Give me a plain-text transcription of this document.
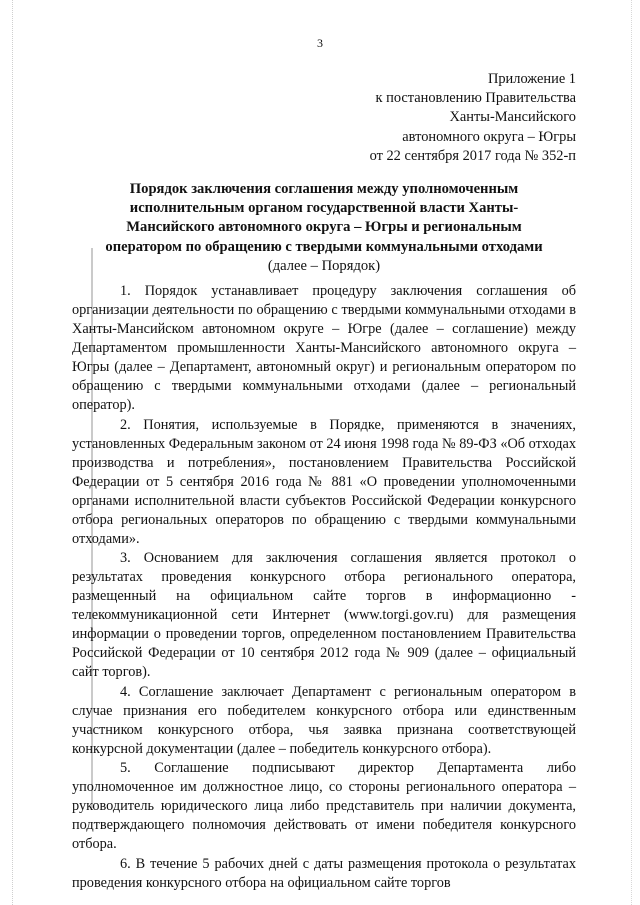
3
Приложение 1
к постановлению Правительства
Ханты-Мансийского
автономного округа – Югры
от 22 сентября 2017 года № 352-п
Порядок заключения соглашения между уполномоченным
исполнительным органом государственной власти Ханты-
Мансийского автономного округа – Югры и региональным
оператором по обращению с твердыми коммунальными отходами
(далее – Порядок)

1. Порядок устанавливает процедуру заключения соглашения об организации деятельности по обращению с твердыми коммунальными отходами в Ханты-Мансийском автономном округе – Югре (далее – соглашение) между Департаментом промышленности Ханты-Мансийского автономного округа – Югры (далее – Департамент, автономный округ) и региональным оператором по обращению с твердыми коммунальными отходами (далее – региональный оператор).

2. Понятия, используемые в Порядке, применяются в значениях, установленных Федеральным законом от 24 июня 1998 года № 89-ФЗ «Об отходах производства и потребления», постановлением Правительства Российской Федерации от 5 сентября 2016 года № 881 «О проведении уполномоченными органами исполнительной власти субъектов Российской Федерации конкурсного отбора региональных операторов по обращению с твердыми коммунальными отходами».

3. Основанием для заключения соглашения является протокол о результатах проведения конкурсного отбора регионального оператора, размещенный на официальном сайте торгов в информационно - телекоммуникационной сети Интернет (www.torgi.gov.ru) для размещения информации о проведении торгов, определенном постановлением Правительства Российской Федерации от 10 сентября 2012 года № 909 (далее – официальный сайт торгов).

4. Соглашение заключает Департамент с региональным оператором в случае признания его победителем конкурсного отбора или единственным участником конкурсного отбора, чья заявка признана соответствующей конкурсной документации (далее – победитель конкурсного отбора).

5. Соглашение подписывают директор Департамента либо уполномоченное им должностное лицо, со стороны регионального оператора – руководитель юридического лица либо представитель при наличии документа, подтверждающего полномочия действовать от имени победителя конкурсного отбора.

6. В течение 5 рабочих дней с даты размещения протокола о результатах проведения конкурсного отбора на официальном сайте торгов
